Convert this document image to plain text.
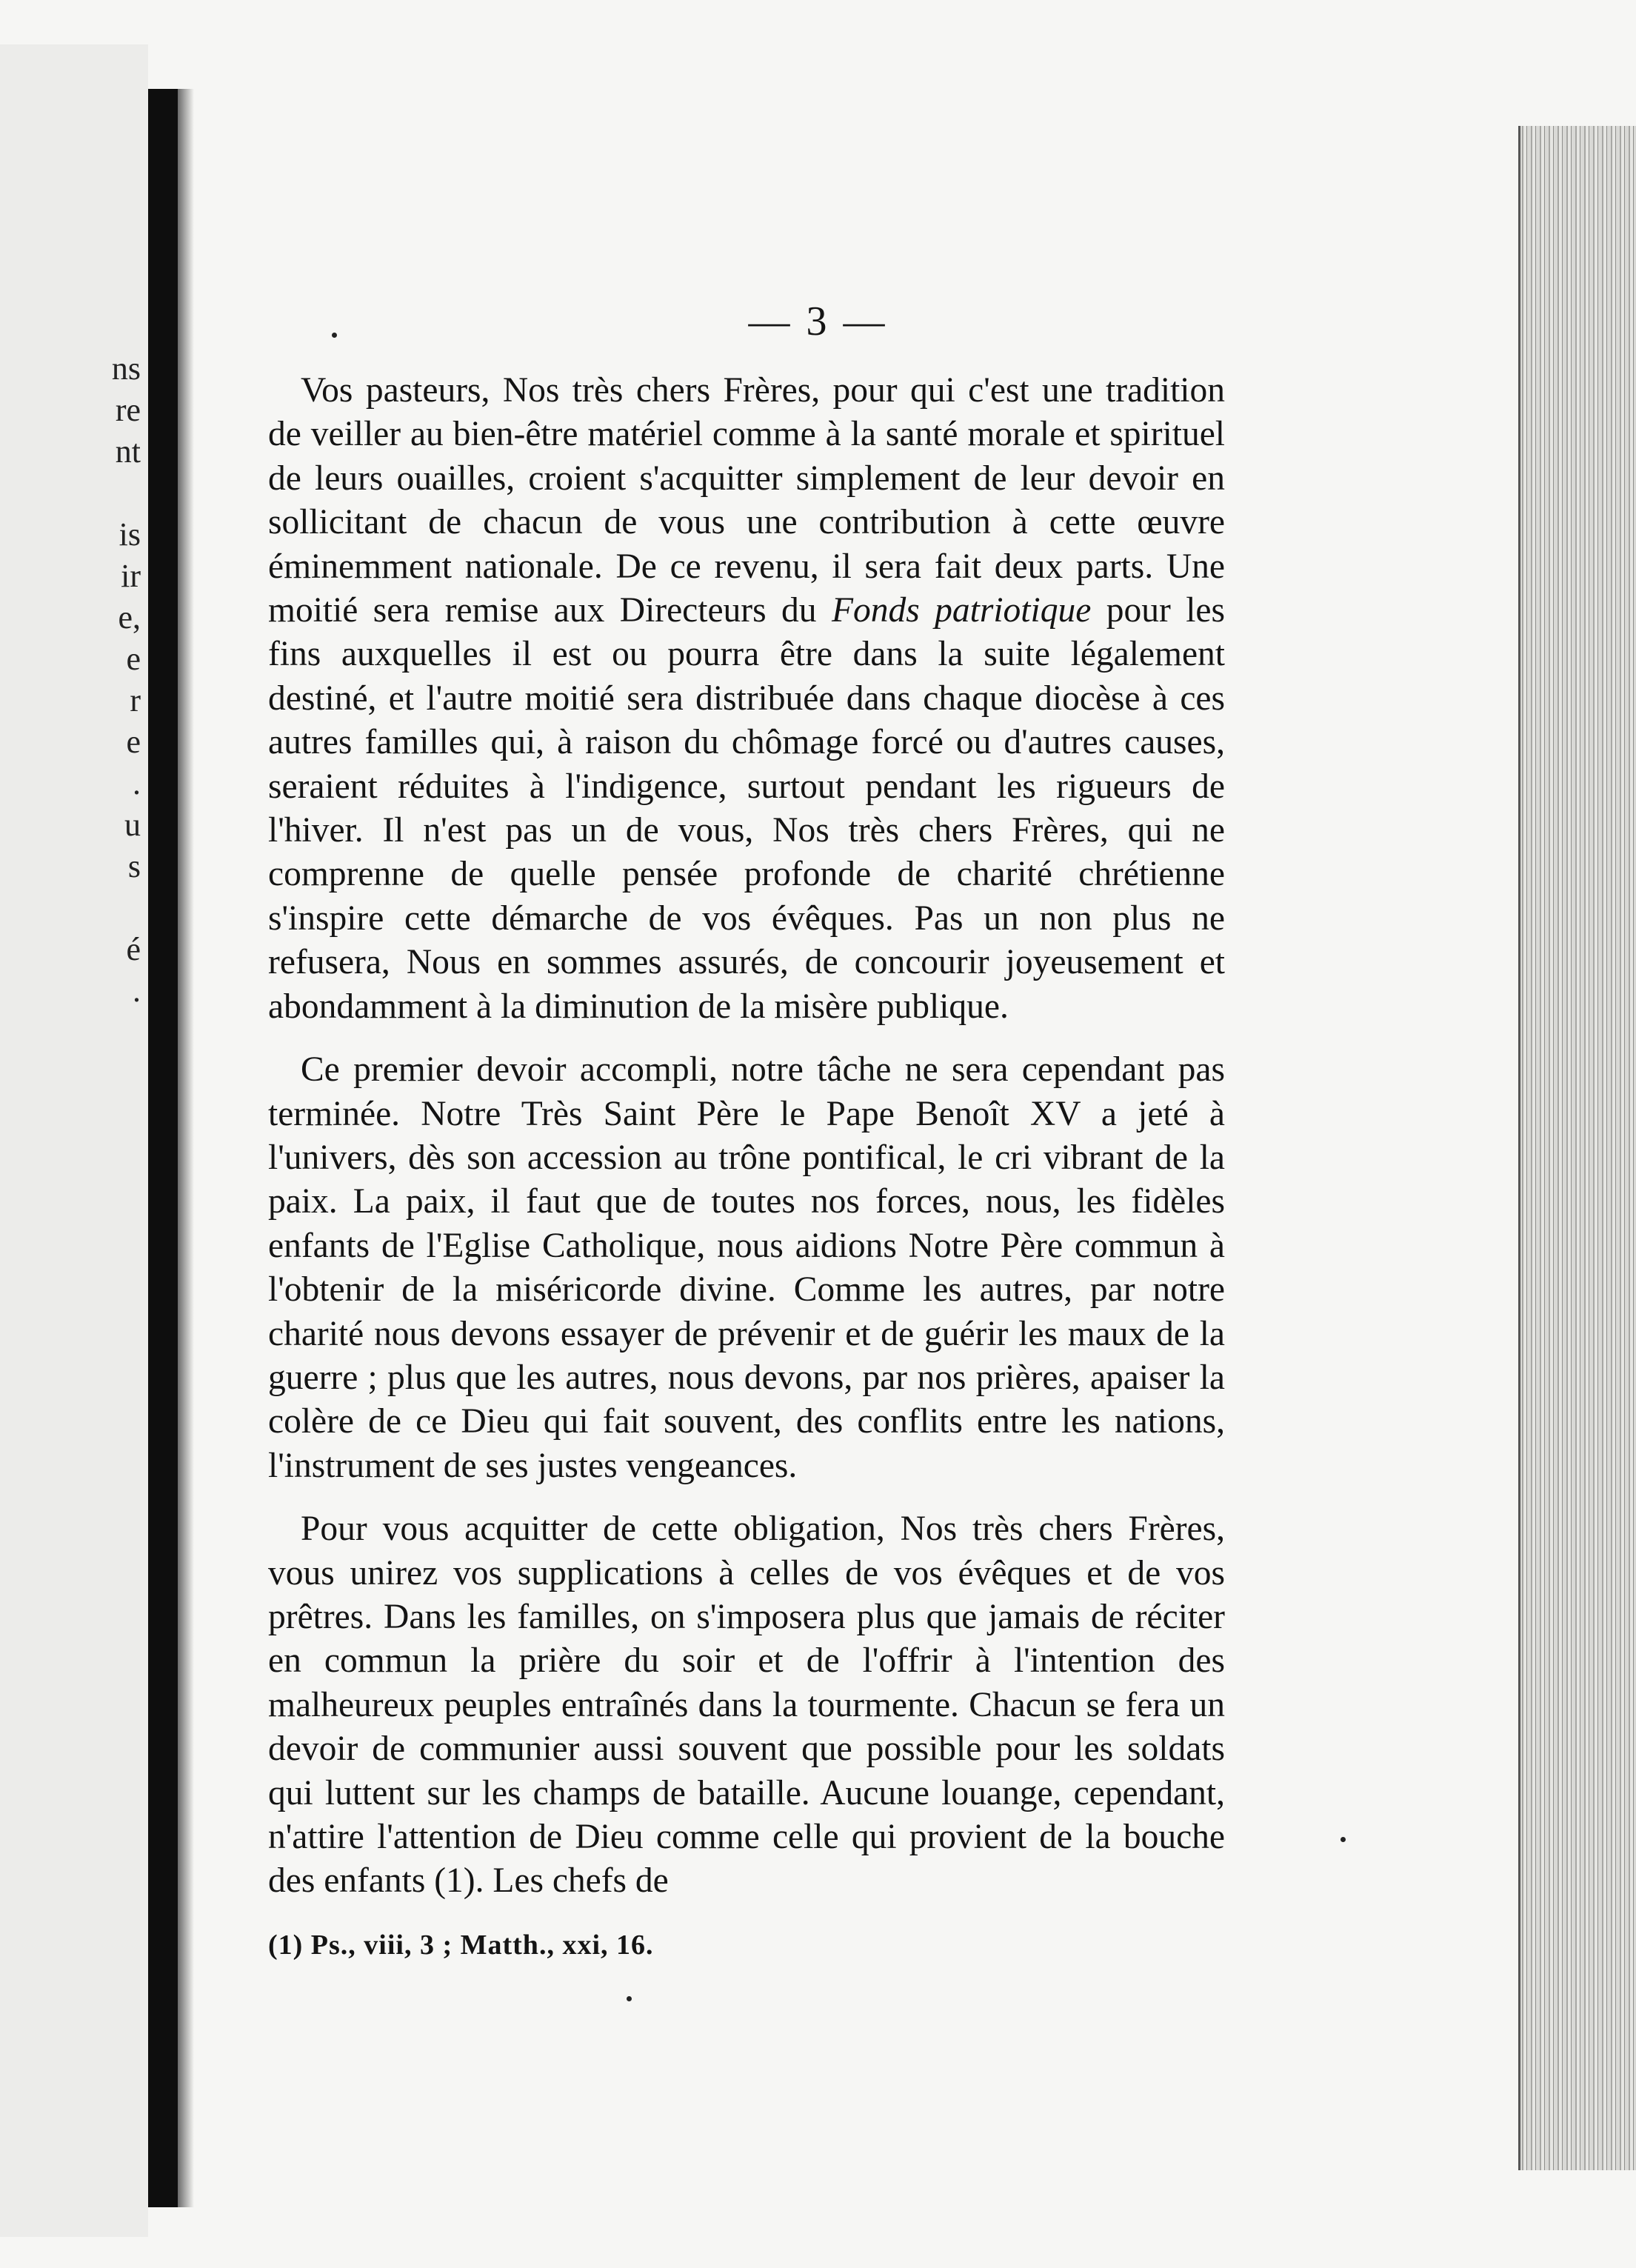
ns
re
nt

is
ir
e,
e
r
e
.
u
s

é
.
— 3 —

Vos pasteurs, Nos très chers Frères, pour qui c'est une tradition de veiller au bien-être matériel comme à la santé morale et spirituel de leurs ouailles, croient s'acquitter simplement de leur devoir en sollicitant de chacun de vous une contribution à cette œuvre éminemment nationale. De ce revenu, il sera fait deux parts. Une moitié sera remise aux Directeurs du Fonds patriotique pour les fins auxquelles il est ou pourra être dans la suite légalement destiné, et l'autre moitié sera distribuée dans chaque diocèse à ces autres familles qui, à raison du chômage forcé ou d'autres causes, seraient réduites à l'indigence, surtout pendant les rigueurs de l'hiver. Il n'est pas un de vous, Nos très chers Frères, qui ne comprenne de quelle pensée profonde de charité chrétienne s'inspire cette démarche de vos évêques. Pas un non plus ne refusera, Nous en sommes assurés, de concourir joyeusement et abondamment à la diminution de la misère publique.

Ce premier devoir accompli, notre tâche ne sera cependant pas terminée. Notre Très Saint Père le Pape Benoît XV a jeté à l'univers, dès son accession au trône pontifical, le cri vibrant de la paix. La paix, il faut que de toutes nos forces, nous, les fidèles enfants de l'Eglise Catholique, nous aidions Notre Père commun à l'obtenir de la miséricorde divine. Comme les autres, par notre charité nous devons essayer de prévenir et de guérir les maux de la guerre ; plus que les autres, nous devons, par nos prières, apaiser la colère de ce Dieu qui fait souvent, des conflits entre les nations, l'instrument de ses justes vengeances.

Pour vous acquitter de cette obligation, Nos très chers Frères, vous unirez vos supplications à celles de vos évêques et de vos prêtres. Dans les familles, on s'imposera plus que jamais de réciter en commun la prière du soir et de l'offrir à l'intention des malheureux peuples entraînés dans la tourmente. Chacun se fera un devoir de communier aussi souvent que possible pour les soldats qui luttent sur les champs de bataille. Aucune louange, cependant, n'attire l'attention de Dieu comme celle qui provient de la bouche des enfants (1). Les chefs de

(1) Ps., viii, 3 ; Matth., xxi, 16.
